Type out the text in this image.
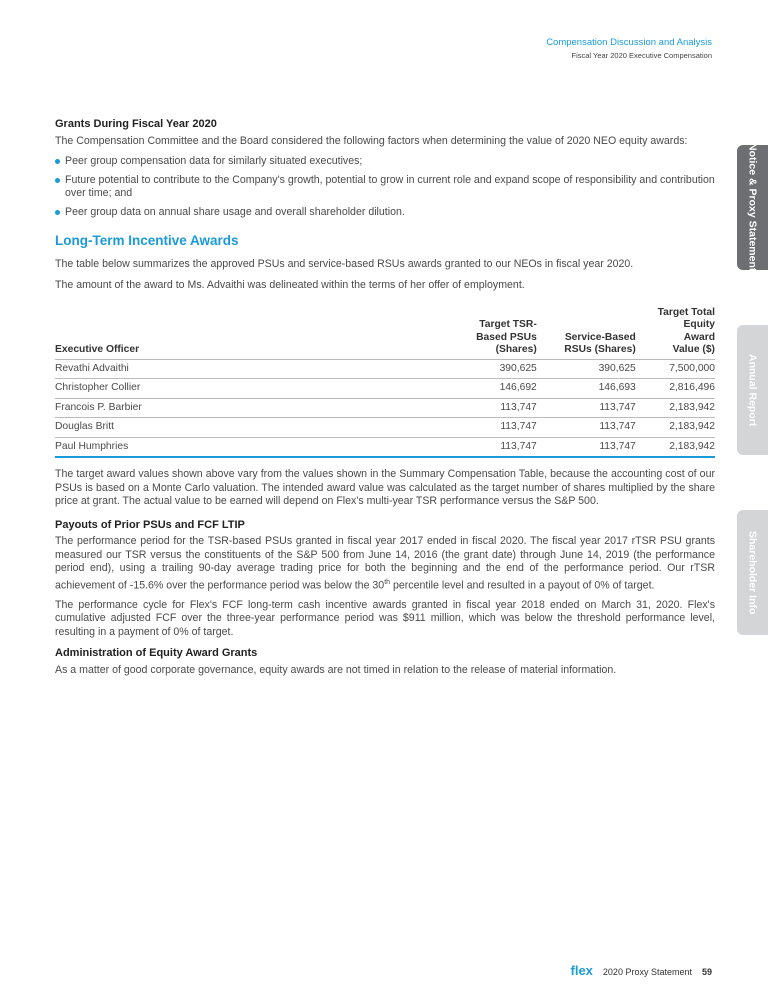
Compensation Discussion and Analysis
Fiscal Year 2020 Executive Compensation
Notice & Proxy Statement
Annual Report
Shareholder Info
Grants During Fiscal Year 2020

The Compensation Committee and the Board considered the following factors when determining the value of 2020 NEO equity awards:

Peer group compensation data for similarly situated executives;
Future potential to contribute to the Company's growth, potential to grow in current role and expand scope of responsibility and contribution over time; and
Peer group data on annual share usage and overall shareholder dilution.
Long-Term Incentive Awards

The table below summarizes the approved PSUs and service-based RSUs awards granted to our NEOs in fiscal year 2020.

The amount of the award to Ms. Advaithi was delineated within the terms of her offer of employment.

Executive Officer	Target TSR-Based PSUs (Shares)	Service-Based RSUs (Shares)	Target Total Equity Award Value ($)
Revathi Advaithi	390,625	390,625	7,500,000
Christopher Collier	146,692	146,693	2,816,496
Francois P. Barbier	113,747	113,747	2,183,942
Douglas Britt	113,747	113,747	2,183,942
Paul Humphries	113,747	113,747	2,183,942

The target award values shown above vary from the values shown in the Summary Compensation Table, because the accounting cost of our PSUs is based on a Monte Carlo valuation. The intended award value was calculated as the target number of shares multiplied by the share price at grant. The actual value to be earned will depend on Flex's multi-year TSR performance versus the S&P 500.

Payouts of Prior PSUs and FCF LTIP

The performance period for the TSR-based PSUs granted in fiscal year 2017 ended in fiscal 2020. The fiscal year 2017 rTSR PSU grants measured our TSR versus the constituents of the S&P 500 from June 14, 2016 (the grant date) through June 14, 2019 (the performance period end), using a trailing 90-day average trading price for both the beginning and the end of the performance period. Our rTSR achievement of -15.6% over the performance period was below the 30th percentile level and resulted in a payout of 0% of target.

The performance cycle for Flex's FCF long-term cash incentive awards granted in fiscal year 2018 ended on March 31, 2020. Flex's cumulative adjusted FCF over the three-year performance period was $911 million, which was below the threshold performance level, resulting in a payment of 0% of target.

Administration of Equity Award Grants

As a matter of good corporate governance, equity awards are not timed in relation to the release of material information.

flex 2020 Proxy Statement 59
